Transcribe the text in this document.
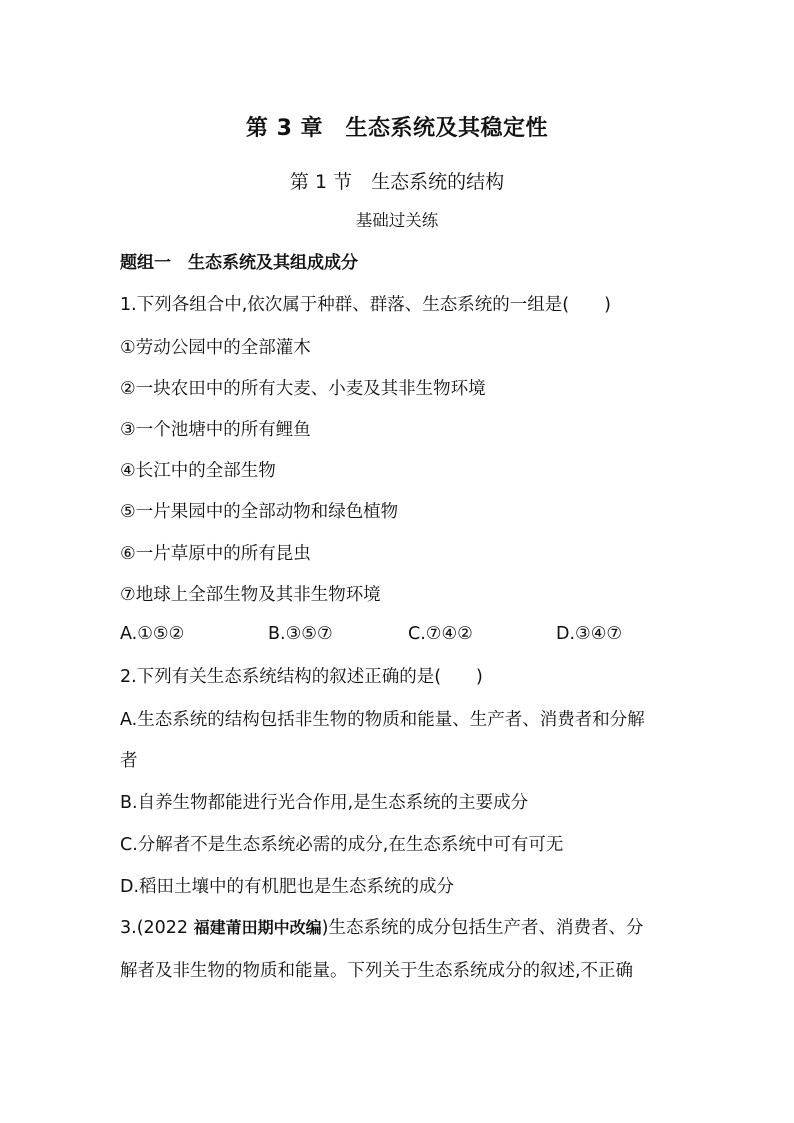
第 3 章　生态系统及其稳定性
第 1 节　生态系统的结构
基础过关练
题组一　生态系统及其组成成分
1.下列各组合中,依次属于种群、群落、生态系统的一组是(　　)
①劳动公园中的全部灌木
②一块农田中的所有大麦、小麦及其非生物环境
③一个池塘中的所有鲤鱼
④长江中的全部生物
⑤一片果园中的全部动物和绿色植物
⑥一片草原中的所有昆虫
⑦地球上全部生物及其非生物环境
A.①⑤②	B.③⑤⑦	C.⑦④②	D.③④⑦
2.下列有关生态系统结构的叙述正确的是(　　)
A.生态系统的结构包括非生物的物质和能量、生产者、消费者和分解
者
B.自养生物都能进行光合作用,是生态系统的主要成分
C.分解者不是生态系统必需的成分,在生态系统中可有可无
D.稻田土壤中的有机肥也是生态系统的成分
3.(2022 福建莆田期中改编)生态系统的成分包括生产者、消费者、分
解者及非生物的物质和能量。下列关于生态系统成分的叙述,不正确
